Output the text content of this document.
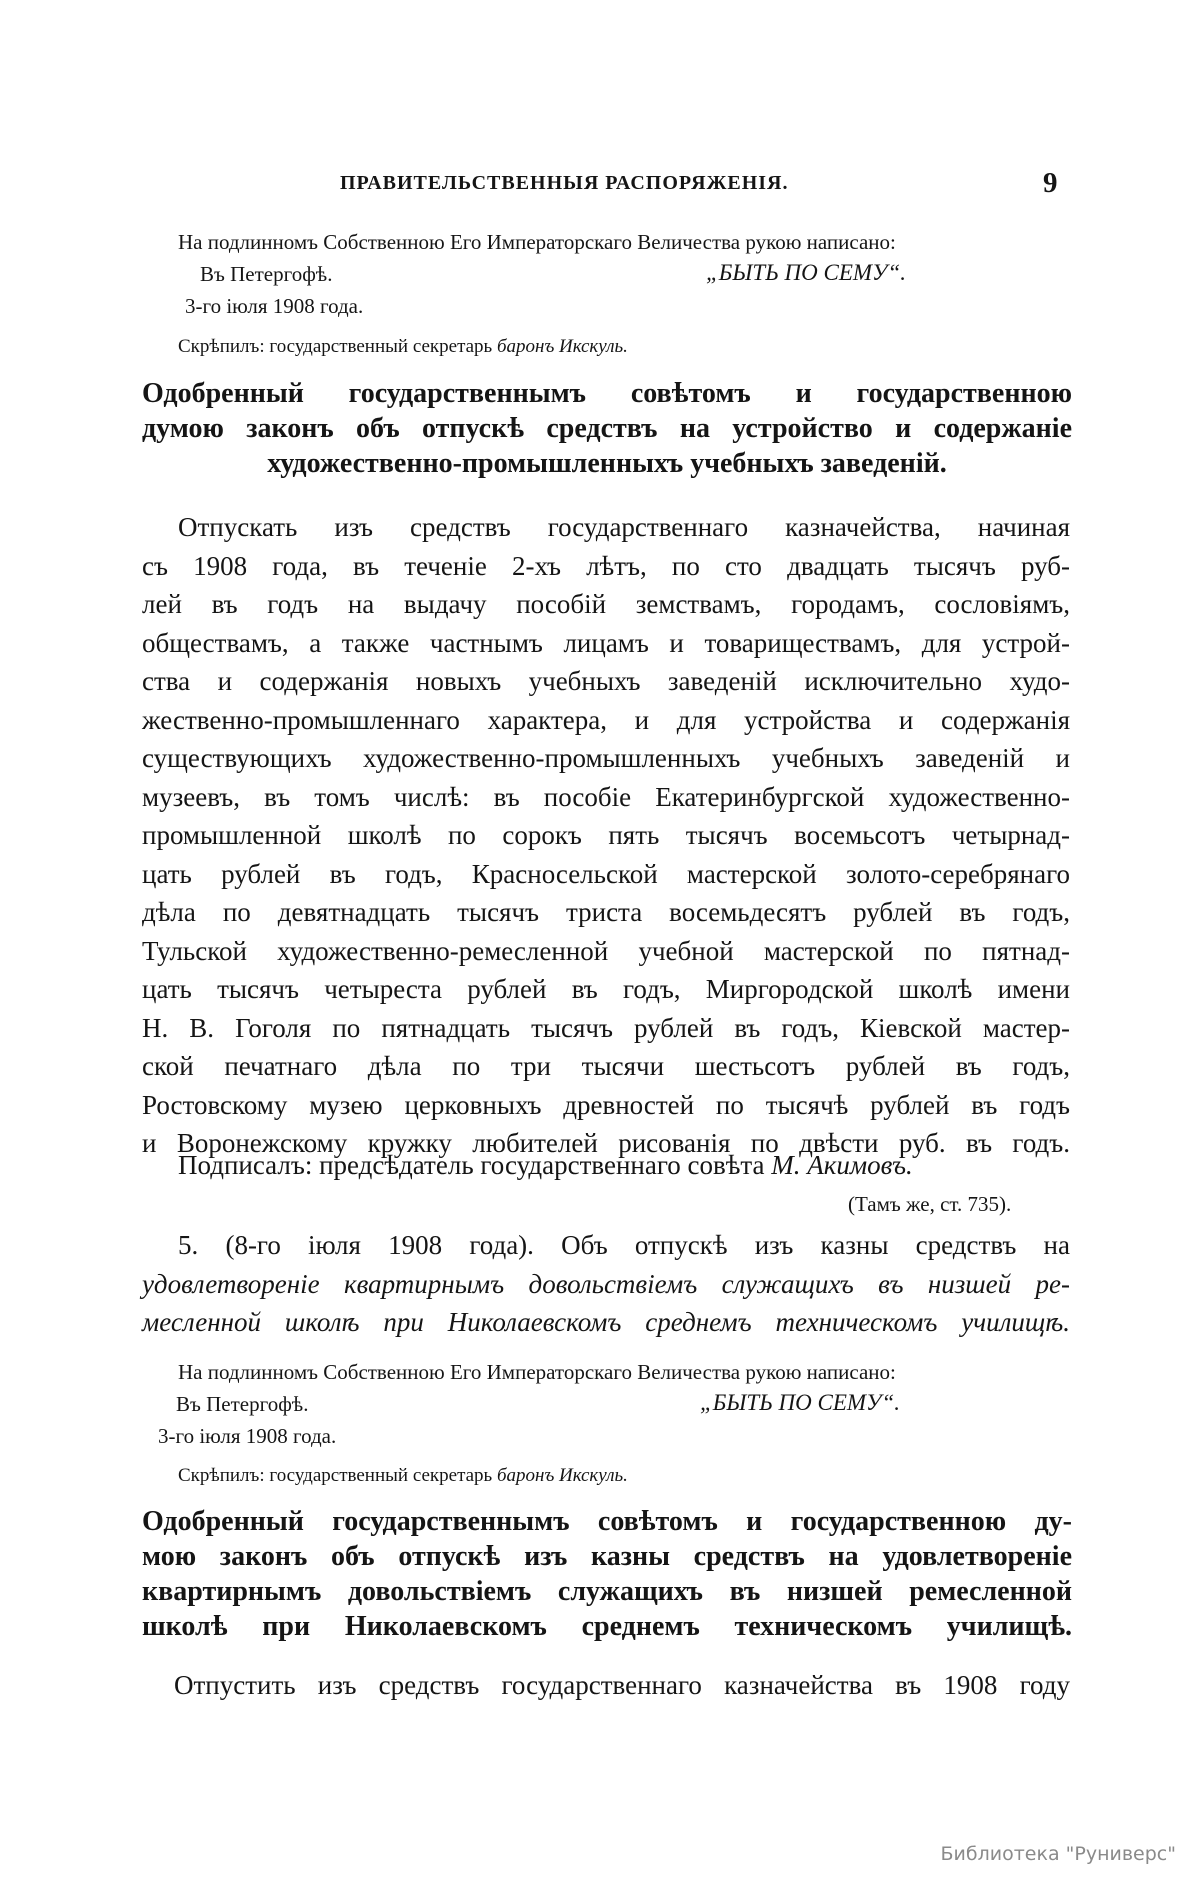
ПРАВИТЕЛЬСТВЕННЫЯ РАСПОРЯЖЕНІЯ.	9
На подлинномъ Собственною Его Императорскаго Величества рукою написано:
Въ Петергофѣ.	„БЫТЬ ПО СЕМУ“.
3-го іюля 1908 года.
Скрѣпилъ: государственный секретарь баронъ Икскуль.
Одобренный государственнымъ совѣтомъ и государственною
думою законъ объ отпускѣ средствъ на устройство и содержаніе
художественно-промышленныхъ учебныхъ заведеній.
Отпускать изъ средствъ государственнаго казначейства, начиная
съ 1908 года, въ теченіе 2-хъ лѣтъ, по сто двадцать тысячъ руб-
лей въ годъ на выдачу пособій земствамъ, городамъ, сословіямъ,
обществамъ, а также частнымъ лицамъ и товариществамъ, для устрой-
ства и содержанія новыхъ учебныхъ заведеній исключительно худо-
жественно-промышленнаго характера, и для устройства и содержанія
существующихъ художественно-промышленныхъ учебныхъ заведеній и
музеевъ, въ томъ числѣ: въ пособіе Екатеринбургской художественно-
промышленной школѣ по сорокъ пять тысячъ восемьсотъ четырнад-
цать рублей въ годъ, Красносельской мастерской золото-серебрянаго
дѣла по девятнадцать тысячъ триста восемьдесятъ рублей въ годъ,
Тульской художественно-ремесленной учебной мастерской по пятнад-
цать тысячъ четыреста рублей въ годъ, Миргородской школѣ имени
Н. В. Гоголя по пятнадцать тысячъ рублей въ годъ, Кіевской мастер-
ской печатнаго дѣла по три тысячи шестьсотъ рублей въ годъ,
Ростовскому музею церковныхъ древностей по тысячѣ рублей въ годъ
и Воронежскому кружку любителей рисованія по двѣсти руб. въ годъ.
Подписалъ: предсѣдатель государственнаго совѣта М. Акимовъ.
(Тамъ же, ст. 735).
5. (8-го іюля 1908 года). Объ отпускѣ изъ казны средствъ на
удовлетвореніе квартирнымъ довольствіемъ служащихъ въ низшей ре-
месленной школѣ при Николаевскомъ среднемъ техническомъ училищѣ.
На подлинномъ Собственною Его Императорскаго Величества рукою написано:
Въ Петергофѣ.	„БЫТЬ ПО СЕМУ“.
3-го іюля 1908 года.
Скрѣпилъ: государственный секретарь баронъ Икскуль.
Одобренный государственнымъ совѣтомъ и государственною ду-
мою законъ объ отпускѣ изъ казны средствъ на удовлетвореніе
квартирнымъ довольствіемъ служащихъ въ низшей ремесленной
школѣ при Николаевскомъ среднемъ техническомъ училищѣ.
Отпустить изъ средствъ государственнаго казначейства въ 1908 году
Библиотека "Руниверс"
